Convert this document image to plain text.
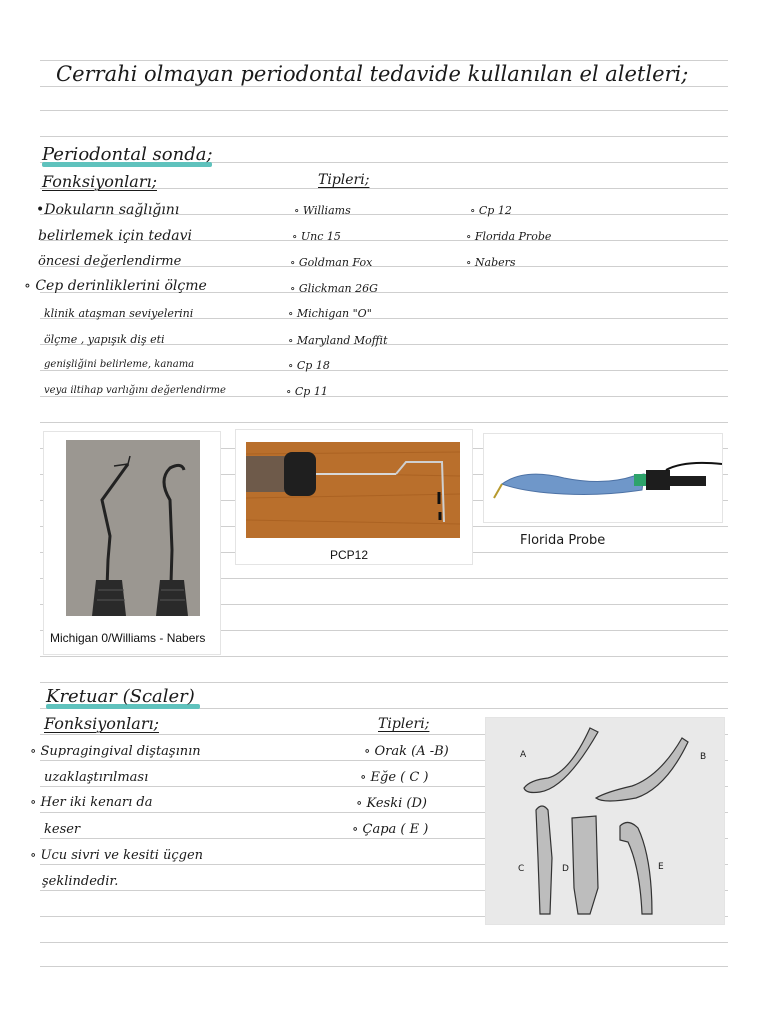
Cerrahi olmayan periodontal tedavide kullanılan el aletleri;
Periodontal sonda;
Fonksiyonları;	Tipleri;
•Dokuların sağlığını
belirlemek için tedavi
öncesi değerlendirme
∘ Cep derinliklerini ölçme
klinik ataşman seviyelerini
ölçme , yapışık diş eti
genişliğini belirleme, kanama
veya iltihap varlığını değerlendirme
∘ Williams
∘ Unc 15
∘ Goldman Fox
∘ Glickman 26G
∘ Michigan "O"
∘ Maryland Moffit
∘ Cp 18
∘ Cp 11
∘ Cp 12
∘ Florida Probe
∘ Nabers
Michigan 0/Williams - Nabers
PCP12
Florida Probe
Kretuar (Scaler)
Fonksiyonları;	Tipleri;
∘ Supragingival diştaşının
uzaklaştırılması
∘ Her iki kenarı da
keser
∘ Ucu sivri ve kesiti üçgen
şeklindedir.
∘ Orak (A -B)
∘ Eğe ( C )
∘ Keski (D)
∘ Çapa ( E )
A	B
C	D	E
